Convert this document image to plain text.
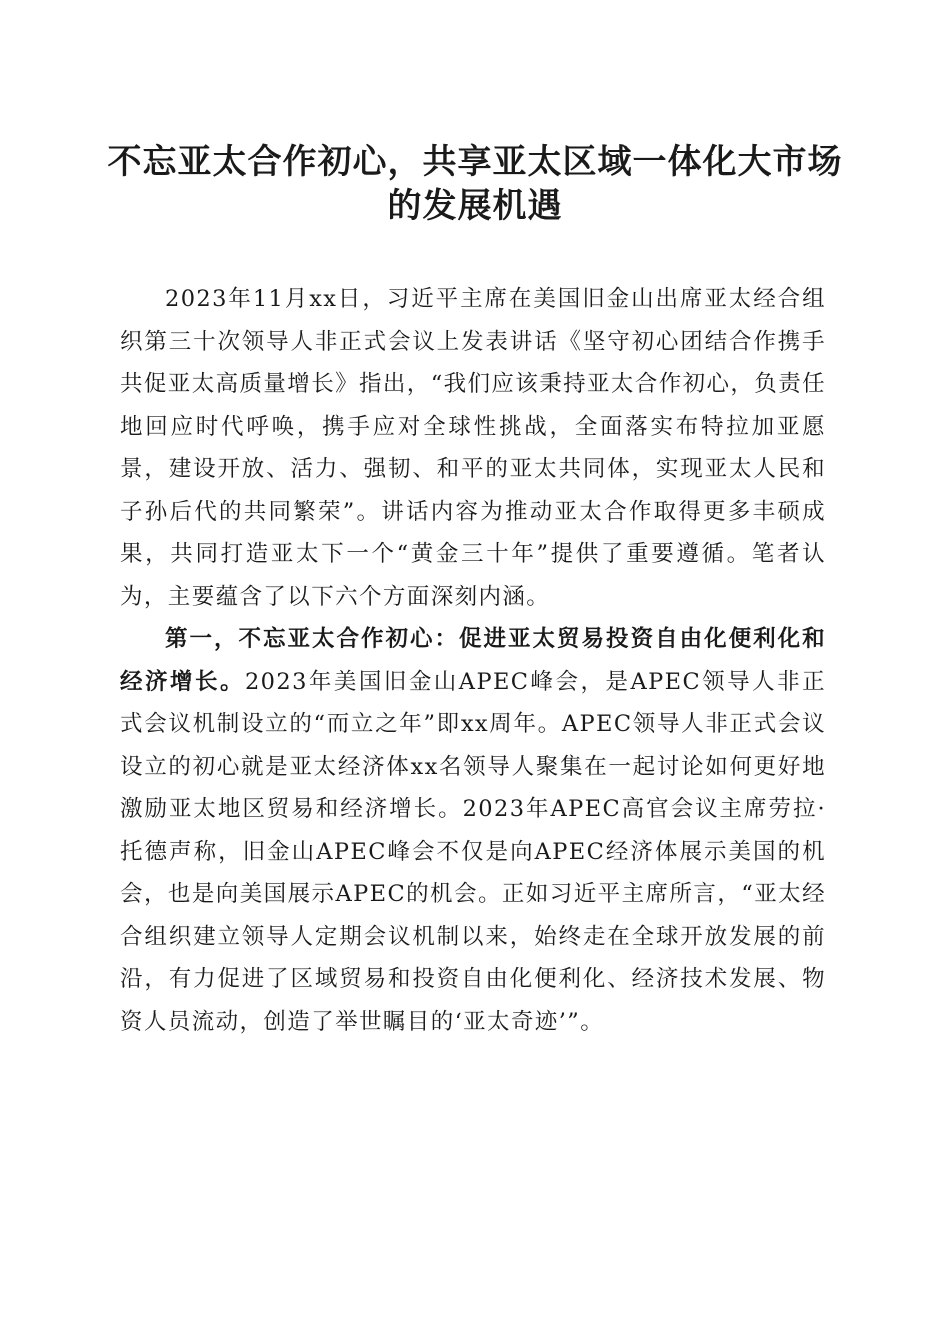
不忘亚太合作初心，共享亚太区域一体化大市场的发展机遇

2023年11月xx日，习近平主席在美国旧金山出席亚太经合组织第三十次领导人非正式会议上发表讲话《坚守初心团结合作携手共促亚太高质量增长》指出，“我们应该秉持亚太合作初心，负责任地回应时代呼唤，携手应对全球性挑战，全面落实布特拉加亚愿景，建设开放、活力、强韧、和平的亚太共同体，实现亚太人民和子孙后代的共同繁荣”。讲话内容为推动亚太合作取得更多丰硕成果，共同打造亚太下一个“黄金三十年”提供了重要遵循。笔者认为，主要蕴含了以下六个方面深刻内涵。

第一，不忘亚太合作初心：促进亚太贸易投资自由化便利化和经济增长。2023年美国旧金山APEC峰会，是APEC领导人非正式会议机制设立的“而立之年”即xx周年。APEC领导人非正式会议设立的初心就是亚太经济体xx名领导人聚集在一起讨论如何更好地激励亚太地区贸易和经济增长。2023年APEC高官会议主席劳拉·托德声称，旧金山APEC峰会不仅是向APEC经济体展示美国的机会，也是向美国展示APEC的机会。正如习近平主席所言，“亚太经合组织建立领导人定期会议机制以来，始终走在全球开放发展的前沿，有力促进了区域贸易和投资自由化便利化、经济技术发展、物资人员流动，创造了举世瞩目的‘亚太奇迹’”。
